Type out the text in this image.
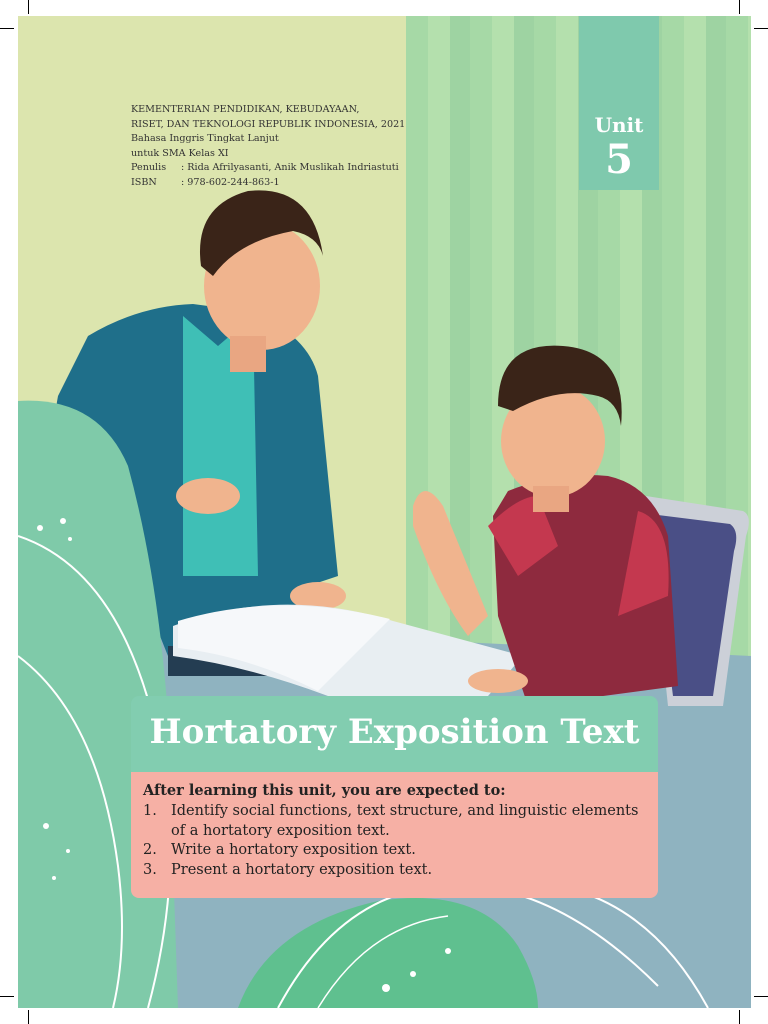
KEMENTERIAN PENDIDIKAN, KEBUDAYAAN,
RISET, DAN TEKNOLOGI REPUBLIK INDONESIA, 2021
Bahasa Inggris Tingkat Lanjut
untuk SMA Kelas XI
Penulis : Rida Afrilyasanti, Anik Muslikah Indriastuti
ISBN	: 978-602-244-863-1
Unit
5
Hortatory Exposition Text
After learning this unit, you are expected to:
1. Identify social functions, text structure, and linguistic elements of a hortatory exposition text.
2. Write a hortatory exposition text.
3. Present a hortatory exposition text.
